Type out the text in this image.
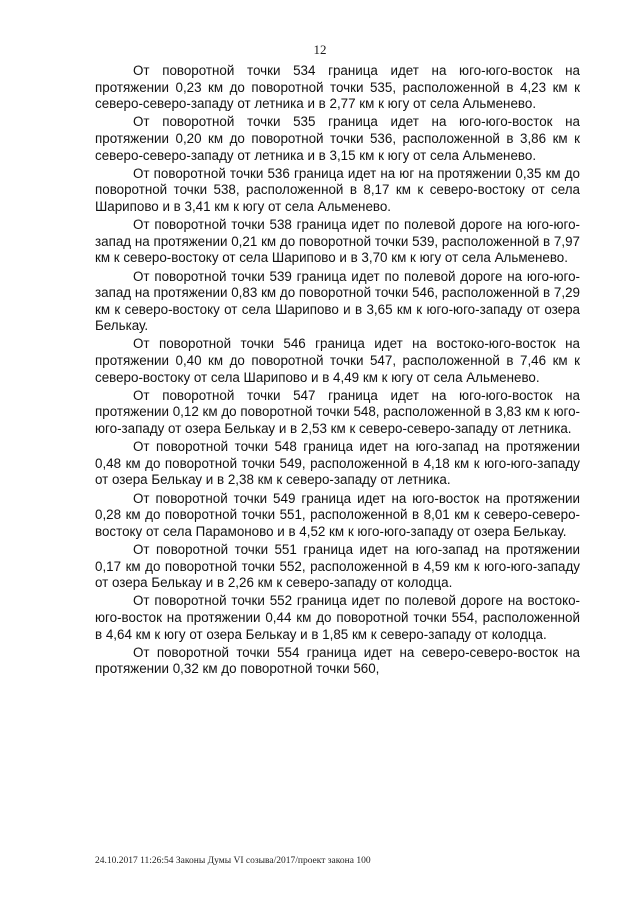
12

От поворотной точки 534 граница идет на юго-юго-восток на протяжении 0,23 км до поворотной точки 535, расположенной в 4,23 км к северо-северо-западу от летника и в 2,77 км к югу от села Альменево.

От поворотной точки 535 граница идет на юго-юго-восток на протяжении 0,20 км до поворотной точки 536, расположенной в 3,86 км к северо-северо-западу от летника и в 3,15 км к югу от села Альменево.

От поворотной точки 536 граница идет на юг на протяжении 0,35 км до поворотной точки 538, расположенной в 8,17 км к северо-востоку от села Шарипово и в 3,41 км к югу от села Альменево.

От поворотной точки 538 граница идет по полевой дороге на юго-юго-запад на протяжении 0,21 км до поворотной точки 539, расположенной в 7,97 км к северо-востоку от села Шарипово и в 3,70 км к югу от села Альменево.

От поворотной точки 539 граница идет по полевой дороге на юго-юго-запад на протяжении 0,83 км до поворотной точки 546, расположенной в 7,29 км к северо-востоку от села Шарипово и в 3,65 км к юго-юго-западу от озера Белькау.

От поворотной точки 546 граница идет на востоко-юго-восток на протяжении 0,40 км до поворотной точки 547, расположенной в 7,46 км к северо-востоку от села Шарипово и в 4,49 км к югу от села Альменево.

От поворотной точки 547 граница идет на юго-юго-восток на протяжении 0,12 км до поворотной точки 548, расположенной в 3,83 км к юго-юго-западу от озера Белькау и в 2,53 км к северо-северо-западу от летника.

От поворотной точки 548 граница идет на юго-запад на протяжении 0,48 км до поворотной точки 549, расположенной в 4,18 км к юго-юго-западу от озера Белькау и в 2,38 км к северо-западу от летника.

От поворотной точки 549 граница идет на юго-восток на протяжении 0,28 км до поворотной точки 551, расположенной в 8,01 км к северо-северо-востоку от села Парамоново и в 4,52 км к юго-юго-западу от озера Белькау.

От поворотной точки 551 граница идет на юго-запад на протяжении 0,17 км до поворотной точки 552, расположенной в 4,59 км к юго-юго-западу от озера Белькау и в 2,26 км к северо-западу от колодца.

От поворотной точки 552 граница идет по полевой дороге на востоко-юго-восток на протяжении 0,44 км до поворотной точки 554, расположенной в 4,64 км к югу от озера Белькау и в 1,85 км к северо-западу от колодца.

От поворотной точки 554 граница идет на северо-северо-восток на протяжении 0,32 км до поворотной точки 560,

24.10.2017 11:26:54 Законы Думы VI созыва/2017/проект закона 100
